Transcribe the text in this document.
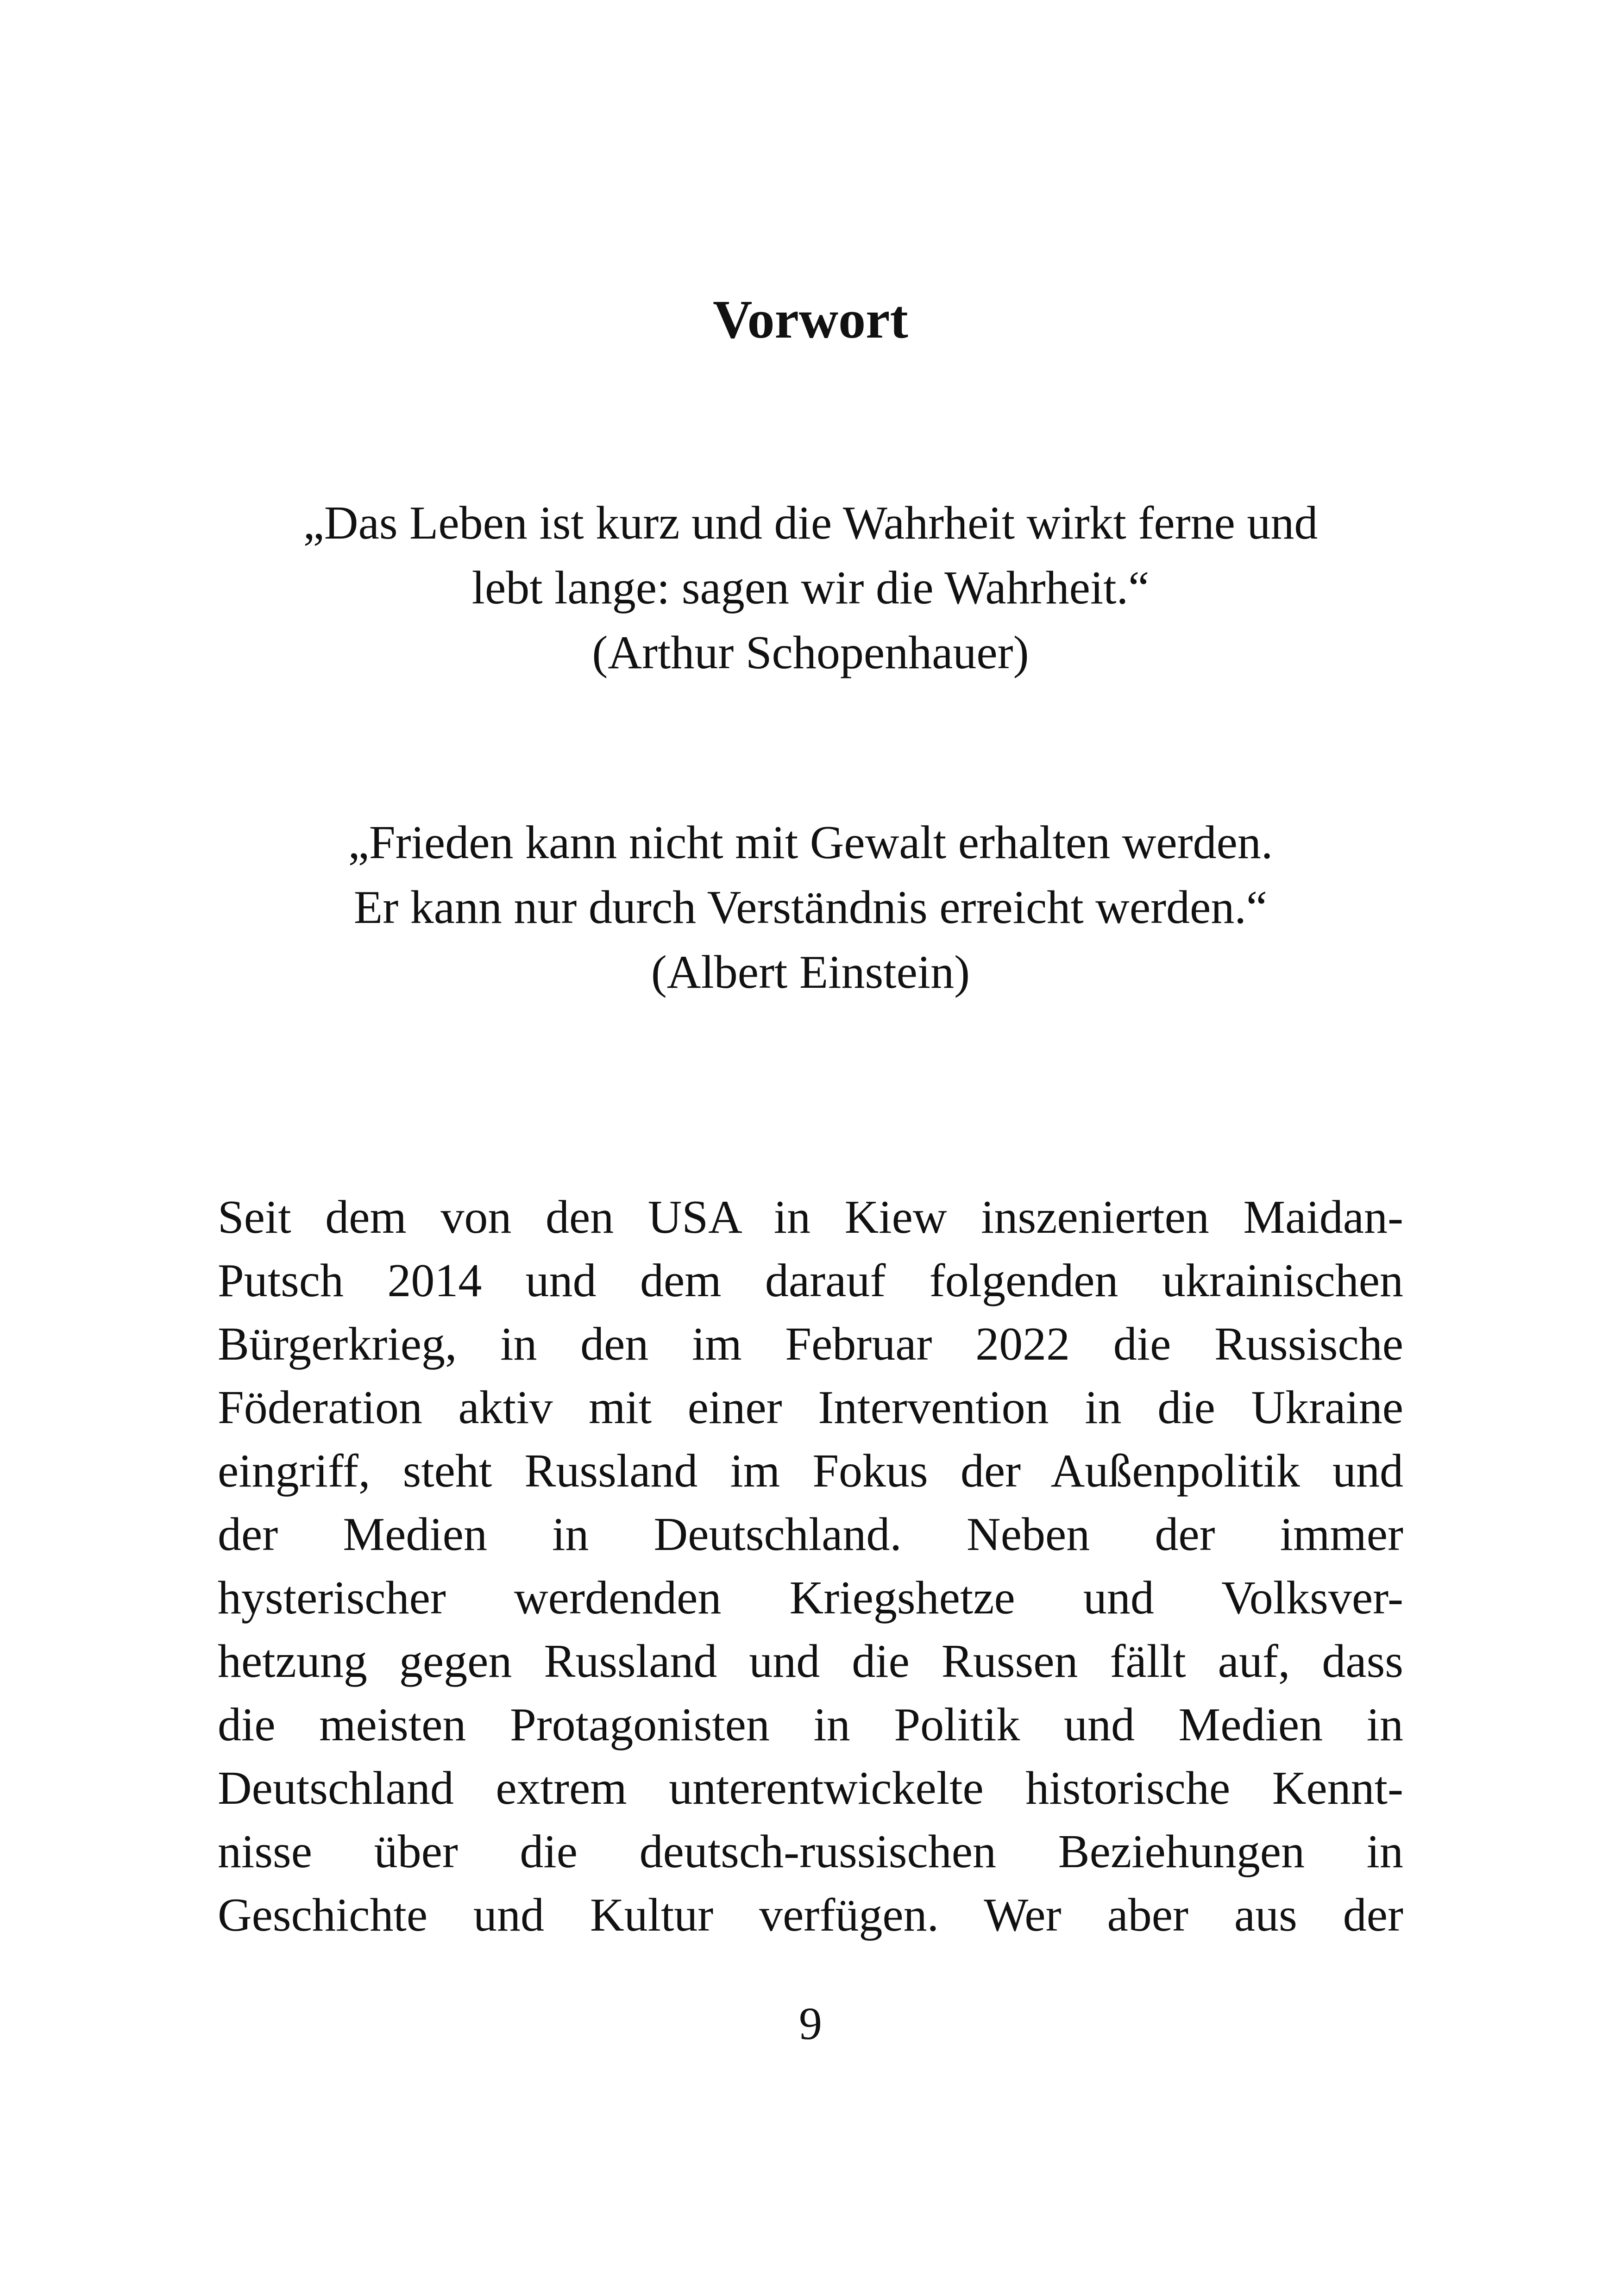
Vorwort
„Das Leben ist kurz und die Wahrheit wirkt ferne und
lebt lange: sagen wir die Wahrheit.“
(Arthur Schopenhauer)
„Frieden kann nicht mit Gewalt erhalten werden.
Er kann nur durch Verständnis erreicht werden.“
(Albert Einstein)
Seit dem von den USA in Kiew inszenierten Maidan-
Putsch 2014 und dem darauf folgenden ukrainischen
Bürgerkrieg, in den im Februar 2022 die Russische
Föderation aktiv mit einer Intervention in die Ukraine
eingriff, steht Russland im Fokus der Außenpolitik und
der Medien in Deutschland. Neben der immer
hysterischer werdenden Kriegshetze und Volksver-
hetzung gegen Russland und die Russen fällt auf, dass
die meisten Protagonisten in Politik und Medien in
Deutschland extrem unterentwickelte historische Kennt-
nisse über die deutsch-russischen Beziehungen in
Geschichte und Kultur verfügen. Wer aber aus der
9
